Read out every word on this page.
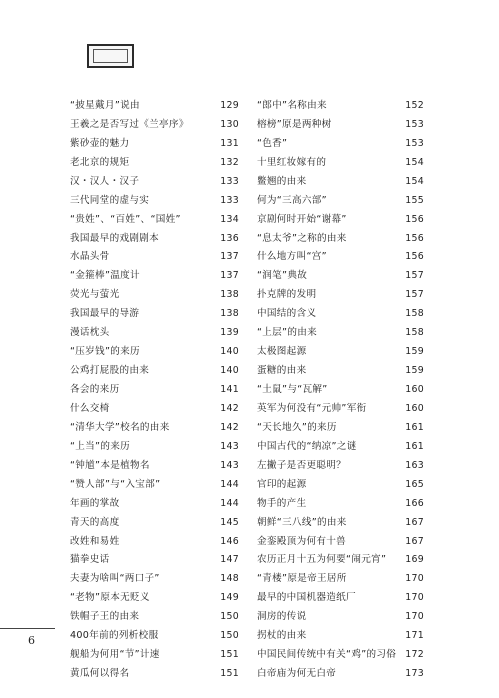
“披星戴月”说由	129
王羲之是否写过《兰亭序》	130
紫砂壶的魅力	131
老北京的规矩	132
汉・汉人・汉子	133
三代同堂的虚与实	133
“贵姓”、“百姓”、“国姓”	134
我国最早的戏剧剧本	136
水晶头骨	137
“金箍棒”温度计	137
荧光与萤光	138
我国最早的导游	138
漫话枕头	139
“压岁钱”的来历	140
公鸡打屁股的由来	140
各会的来历	141
什么交椅	142
“清华大学”校名的由来	142
“上当”的来历	143
“钟馗”本是植物名	143
“赞人部”与“入宝部”	144
年画的掌故	144
青天的高度	145
改姓和易姓	146
猫拳史话	147
夫妻为啥叫“两口子”	148
“老物”原本无贬义	149
铁帽子王的由来	150
400年前的列析校服	150
舰船为何用“节”计速	151
黄瓜何以得名	151
“郎中”名称由来	152
榕榜”原是两种树	153
“色香”	153
十里红妆嫁有的	154
鳖翘的由来	154
何为“三高六部”	155
京剧何时开始“谢幕”	156
“息太爷”之称的由来	156
什么地方叫“宫”	156
“润笔”典故	157
扑克牌的发明	157
中国结的含义	158
“上层”的由来	158
太极图起源	159
蛋糖的由来	159
“土鼠”与“瓦解”	160
英军为何没有“元帅”军衔	160
“天长地久”的来历	161
中国古代的“纳凉”之谜	161
左撇子是否更聪明？	163
官印的起源	165
物手的产生	166
朝鲜“三八线”的由来	167
金銮殿顶为何有十兽	167
农历正月十五为何要“闹元宵” 169
“青楼”原是帝王居所	170
最早的中国机器造纸厂	170
洞房的传说	170
拐杖的由来	171
中国民间传统中有关“鸡”的习俗 172
白帝庙为何无白帝	173
6
